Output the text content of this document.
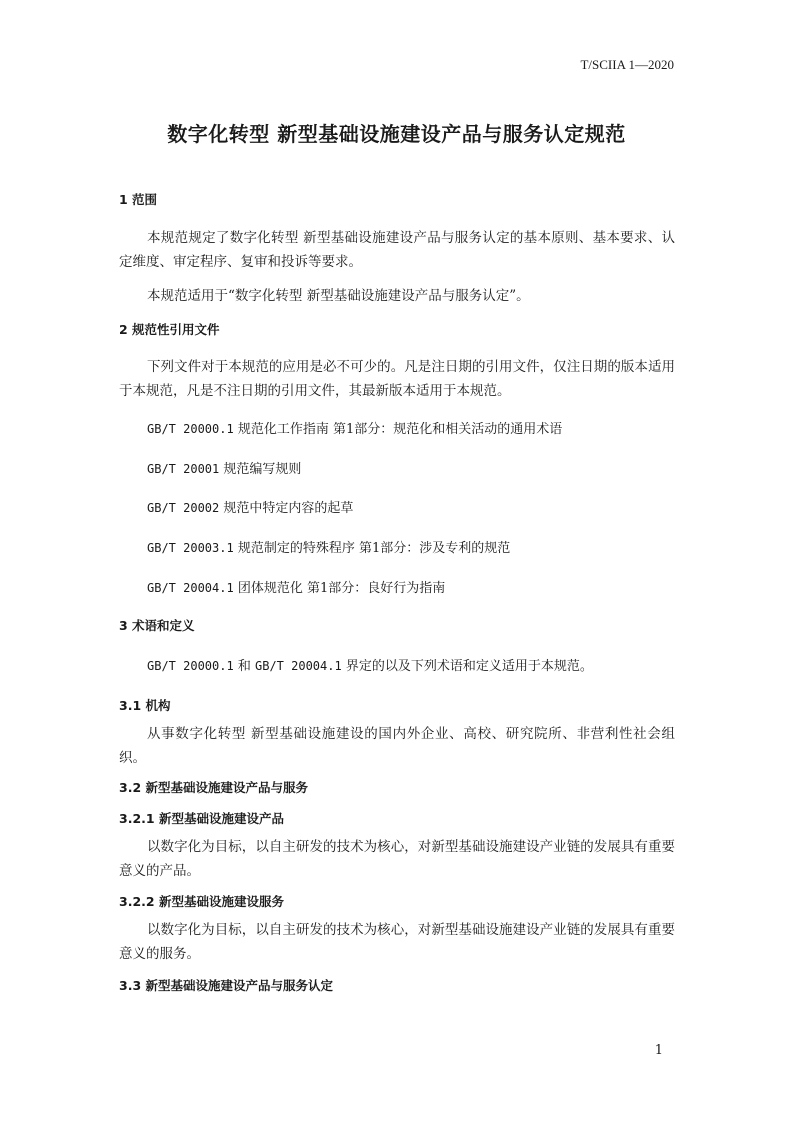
T/SCIIA 1—2020
数字化转型 新型基础设施建设产品与服务认定规范
1 范围
本规范规定了数字化转型 新型基础设施建设产品与服务认定的基本原则、基本要求、认定维度、审定程序、复审和投诉等要求。
本规范适用于“数字化转型 新型基础设施建设产品与服务认定”。
2 规范性引用文件
下列文件对于本规范的应用是必不可少的。凡是注日期的引用文件，仅注日期的版本适用于本规范，凡是不注日期的引用文件，其最新版本适用于本规范。
GB/T 20000.1 规范化工作指南 第1部分：规范化和相关活动的通用术语
GB/T 20001 规范编写规则
GB/T 20002 规范中特定内容的起草
GB/T 20003.1 规范制定的特殊程序 第1部分：涉及专利的规范
GB/T 20004.1 团体规范化 第1部分：良好行为指南
3 术语和定义
GB/T 20000.1 和 GB/T 20004.1 界定的以及下列术语和定义适用于本规范。
3.1 机构
从事数字化转型 新型基础设施建设的国内外企业、高校、研究院所、非营利性社会组织。
3.2 新型基础设施建设产品与服务
3.2.1 新型基础设施建设产品
以数字化为目标，以自主研发的技术为核心，对新型基础设施建设产业链的发展具有重要意义的产品。
3.2.2 新型基础设施建设服务
以数字化为目标，以自主研发的技术为核心，对新型基础设施建设产业链的发展具有重要意义的服务。
3.3 新型基础设施建设产品与服务认定
1
